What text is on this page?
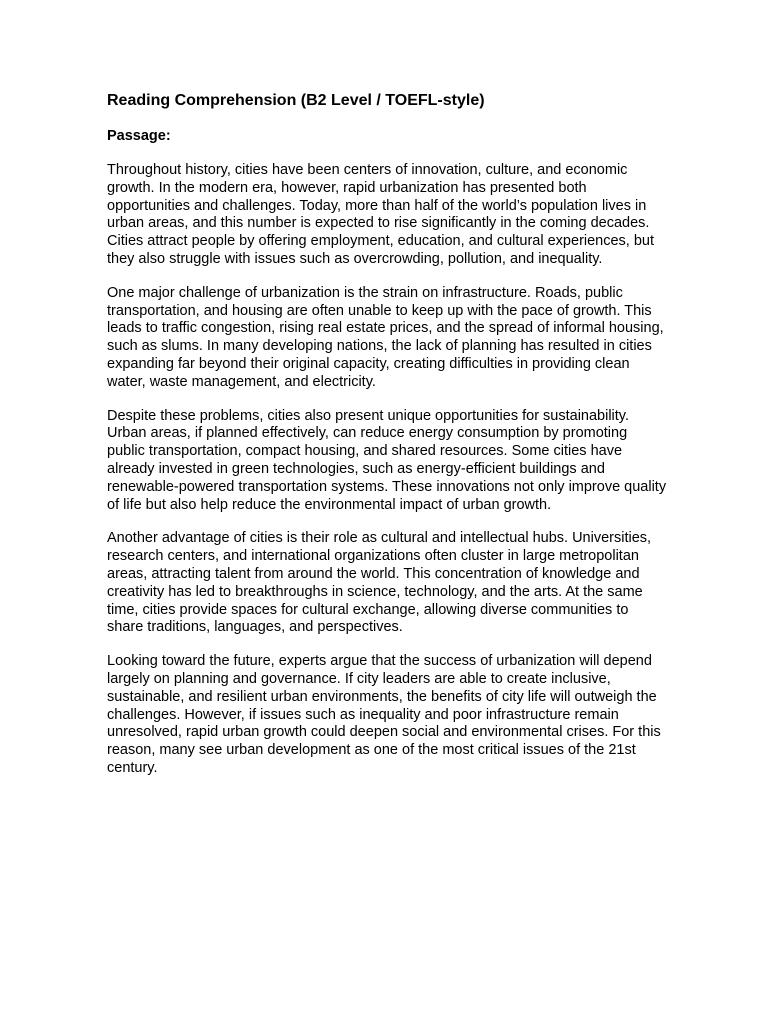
Reading Comprehension (B2 Level / TOEFL-style)
Passage:

Throughout history, cities have been centers of innovation, culture, and economic growth. In the modern era, however, rapid urbanization has presented both opportunities and challenges. Today, more than half of the world’s population lives in urban areas, and this number is expected to rise significantly in the coming decades. Cities attract people by offering employment, education, and cultural experiences, but they also struggle with issues such as overcrowding, pollution, and inequality.

One major challenge of urbanization is the strain on infrastructure. Roads, public transportation, and housing are often unable to keep up with the pace of growth. This leads to traffic congestion, rising real estate prices, and the spread of informal housing, such as slums. In many developing nations, the lack of planning has resulted in cities expanding far beyond their original capacity, creating difficulties in providing clean water, waste management, and electricity.

Despite these problems, cities also present unique opportunities for sustainability. Urban areas, if planned effectively, can reduce energy consumption by promoting public transportation, compact housing, and shared resources. Some cities have already invested in green technologies, such as energy-efficient buildings and renewable-powered transportation systems. These innovations not only improve quality of life but also help reduce the environmental impact of urban growth.

Another advantage of cities is their role as cultural and intellectual hubs. Universities, research centers, and international organizations often cluster in large metropolitan areas, attracting talent from around the world. This concentration of knowledge and creativity has led to breakthroughs in science, technology, and the arts. At the same time, cities provide spaces for cultural exchange, allowing diverse communities to share traditions, languages, and perspectives.

Looking toward the future, experts argue that the success of urbanization will depend largely on planning and governance. If city leaders are able to create inclusive, sustainable, and resilient urban environments, the benefits of city life will outweigh the challenges. However, if issues such as inequality and poor infrastructure remain unresolved, rapid urban growth could deepen social and environmental crises. For this reason, many see urban development as one of the most critical issues of the 21st century.
